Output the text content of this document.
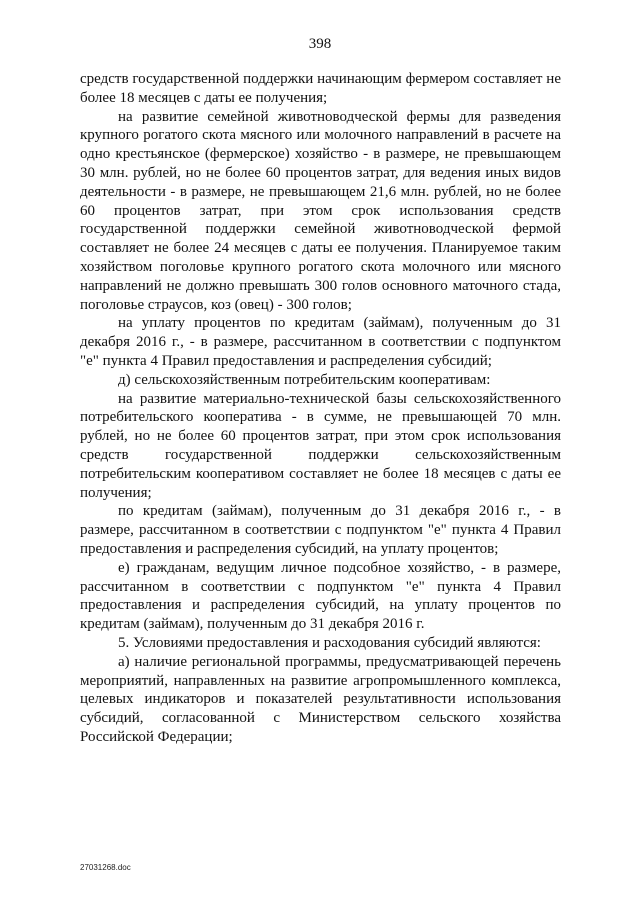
398

средств государственной поддержки начинающим фермером составляет не более 18 месяцев с даты ее получения;

на развитие семейной животноводческой фермы для разведения крупного рогатого скота мясного или молочного направлений в расчете на одно крестьянское (фермерское) хозяйство - в размере, не превышающем 30 млн. рублей, но не более 60 процентов затрат, для ведения иных видов деятельности - в размере, не превышающем 21,6 млн. рублей, но не более 60 процентов затрат, при этом срок использования средств государственной поддержки семейной животноводческой фермой составляет не более 24 месяцев с даты ее получения. Планируемое таким хозяйством поголовье крупного рогатого скота молочного или мясного направлений не должно превышать 300 голов основного маточного стада, поголовье страусов, коз (овец) - 300 голов;

на уплату процентов по кредитам (займам), полученным до 31 декабря 2016 г., - в размере, рассчитанном в соответствии с подпунктом "е" пункта 4 Правил предоставления и распределения субсидий;

д) сельскохозяйственным потребительским кооперативам:

на развитие материально-технической базы сельскохозяйственного потребительского кооператива - в сумме, не превышающей 70 млн. рублей, но не более 60 процентов затрат, при этом срок использования средств государственной поддержки сельскохозяйственным потребительским кооперативом составляет не более 18 месяцев с даты ее получения;

по кредитам (займам), полученным до 31 декабря 2016 г., - в размере, рассчитанном в соответствии с подпунктом "е" пункта 4 Правил предоставления и распределения субсидий, на уплату процентов;

е) гражданам, ведущим личное подсобное хозяйство, - в размере, рассчитанном в соответствии с подпунктом "е" пункта 4 Правил предоставления и распределения субсидий, на уплату процентов по кредитам (займам), полученным до 31 декабря 2016 г.

5. Условиями предоставления и расходования субсидий являются:

а) наличие региональной программы, предусматривающей перечень мероприятий, направленных на развитие агропромышленного комплекса, целевых индикаторов и показателей результативности использования субсидий, согласованной с Министерством сельского хозяйства Российской Федерации;

27031268.doc
